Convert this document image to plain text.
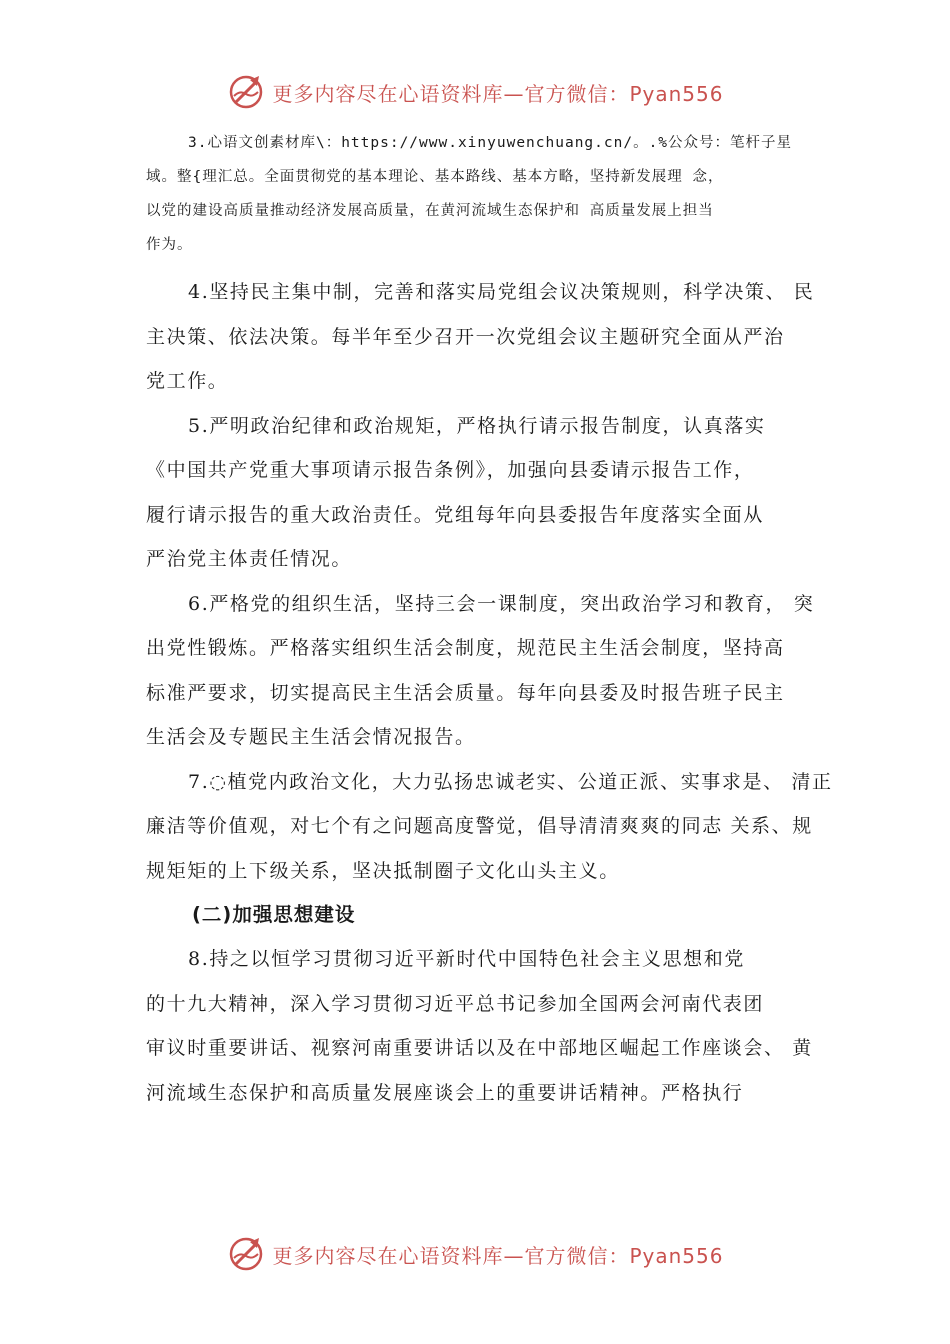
更多内容尽在心语资料库—官方微信：Pyan556
3.心语文创素材库\：https://www.xinyuwenchuang.cn/。.%公众号：笔杆子星
域。整{理汇总。全面贯彻党的基本理论、基本路线、基本方略，坚持新发展理 念，
以党的建设高质量推动经济发展高质量，在黄河流域生态保护和 高质量发展上担当
作为。
4.坚持民主集中制，完善和落实局党组会议决策规则，科学决策、 民
主决策、依法决策。每半年至少召开一次党组会议主题研究全面从严治
党工作。
5.严明政治纪律和政治规矩，严格执行请示报告制度，认真落实
《中国共产党重大事项请示报告条例》，加强向县委请示报告工作，
履行请示报告的重大政治责任。党组每年向县委报告年度落实全面从
严治党主体责任情况。
6.严格党的组织生活，坚持三会一课制度，突出政治学习和教育， 突
出党性锻炼。严格落实组织生活会制度，规范民主生活会制度，坚持高
标准严要求，切实提高民主生活会质量。每年向县委及时报告班子民主
生活会及专题民主生活会情况报告。
7.◌植党内政治文化，大力弘扬忠诚老实、公道正派、实事求是、 清正
廉洁等价值观，对七个有之问题高度警觉，倡导清清爽爽的同志 关系、规
规矩矩的上下级关系，坚决抵制圈子文化山头主义。
(二)加强思想建设
8.持之以恒学习贯彻习近平新时代中国特色社会主义思想和党
的十九大精神，深入学习贯彻习近平总书记参加全国两会河南代表团
审议时重要讲话、视察河南重要讲话以及在中部地区崛起工作座谈会、 黄
河流域生态保护和高质量发展座谈会上的重要讲话精神。严格执行
更多内容尽在心语资料库—官方微信：Pyan556
